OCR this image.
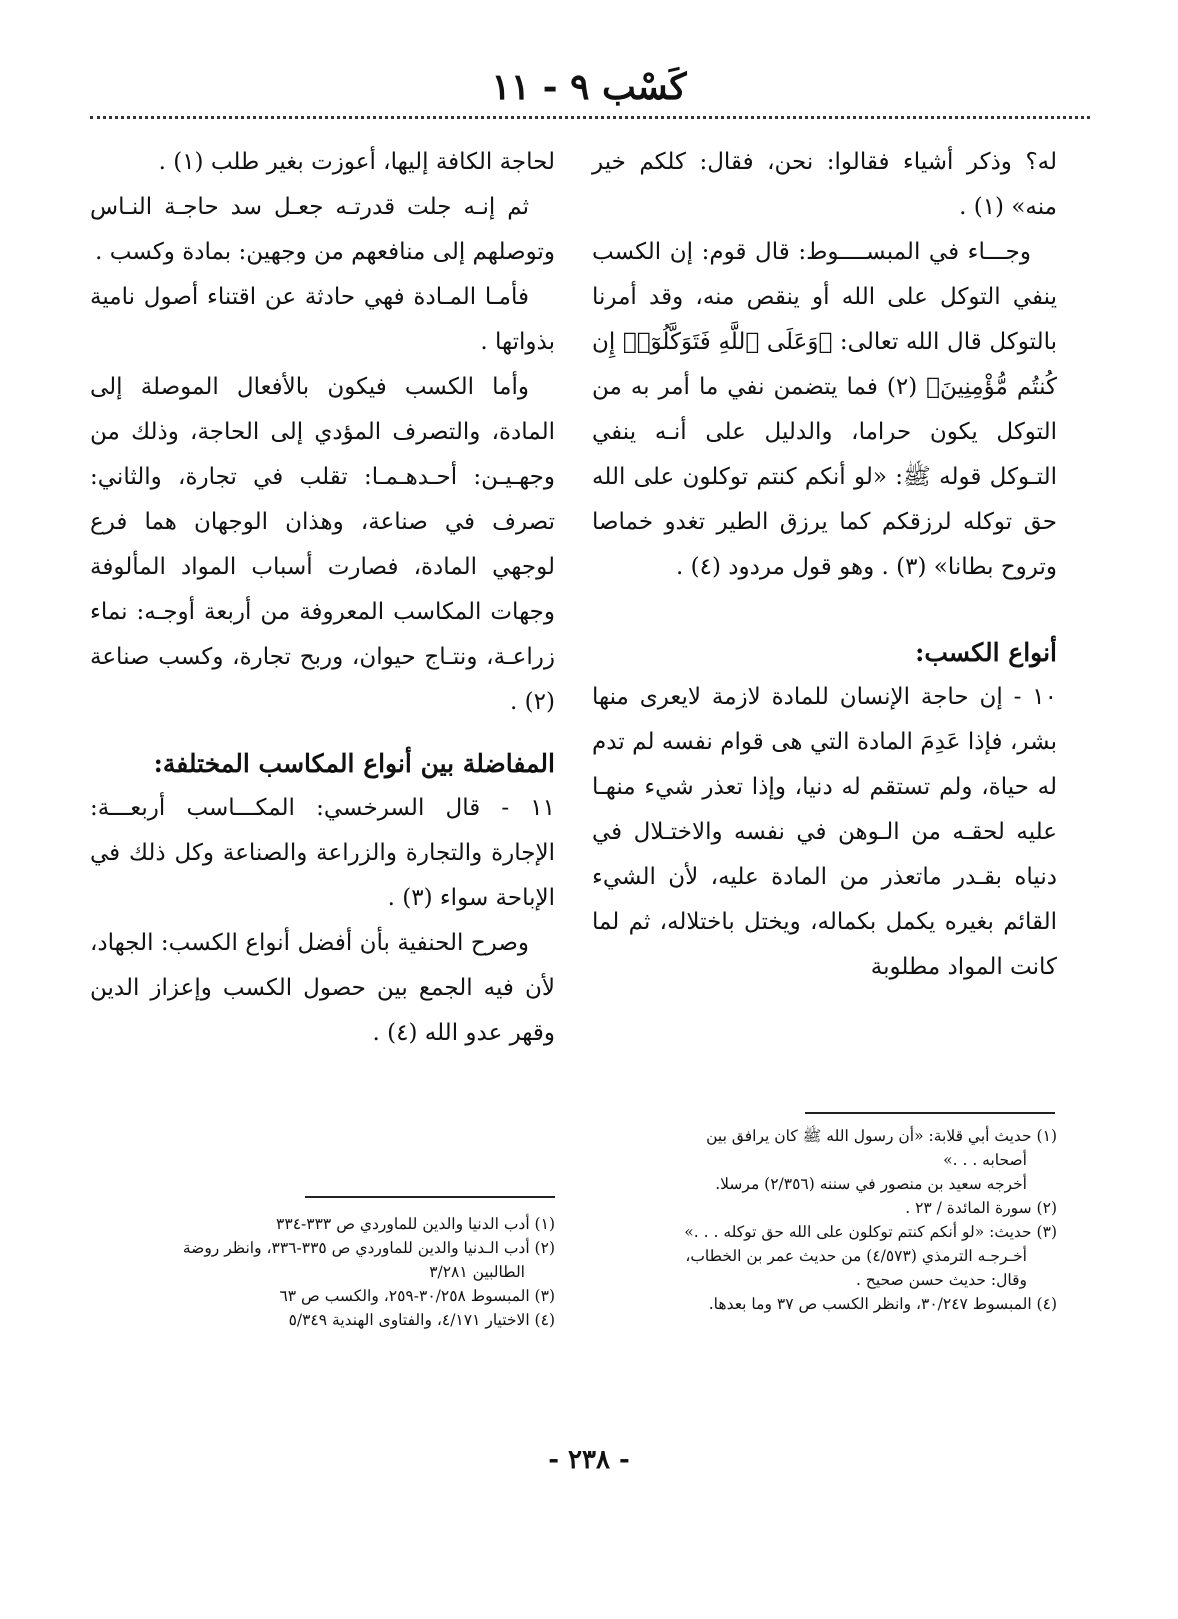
كَسْب ٩ - ١١

له؟ وذكر أشياء فقالوا: نحن، فقال: كلكم خير منه» (١) .

وجـــاء في المبســــوط: قال قوم: إن الكسب ينفي التوكل على الله أو ينقص منه، وقد أمرنا بالتوكل قال الله تعالى: ﴿وَعَلَى ٱللَّهِ فَتَوَكَّلُوٓا۟ إِن كُنتُم مُّؤْمِنِينَ﴾ (٢) فما يتضمن نفي ما أمر به من التوكل يكون حراما، والدليل على أنـه ينفي التـوكل قوله ﷺ: «لو أنكم كنتم توكلون على الله حق توكله لرزقكم كما يرزق الطير تغدو خماصا وتروح بطانا» (٣) . وهو قول مردود (٤) .

أنواع الكسب:

١٠ - إن حاجة الإنسان للمادة لازمة لايعرى منها بشر، فإذا عَدِمَ المادة التي هى قوام نفسه لم تدم له حياة، ولم تستقم له دنيا، وإذا تعذر شيء منهـا عليه لحقـه من الـوهن في نفسه والاختـلال في دنياه بقـدر ماتعذر من المادة عليه، لأن الشيء القائم بغيره يكمل بكماله، ويختل باختلاله، ثم لما كانت المواد مطلوبة

(١) حديث أبي قلابة: «أن رسول الله ﷺ كان يرافق بين
أصحابه . . .»
أخرجه سعيد بن منصور في سننه (٢/٣٥٦) مرسلا.
(٢) سورة المائدة / ٢٣ .
(٣) حديث: «لو أنكم كنتم توكلون على الله حق توكله . . .»
أخـرجـه الترمذي (٤/٥٧٣) من حديث عمر بن الخطاب،
وقال: حديث حسن صحيح .
(٤) المبسوط ٣٠/٢٤٧، وانظر الكسب ص ٣٧ وما بعدها.

لحاجة الكافة إليها، أعوزت بغير طلب (١) .

ثم إنـه جلت قدرتـه جعـل سد حاجـة النـاس وتوصلهم إلى منافعهم من وجهين: بمادة وكسب .

فأمـا المـادة فهي حادثة عن اقتناء أصول نامية بذواتها .

وأما الكسب فيكون بالأفعال الموصلة إلى المادة، والتصرف المؤدي إلى الحاجة، وذلك من وجهـيـن: أحـدهـمـا: تقلب في تجارة، والثاني: تصرف في صناعة، وهذان الوجهان هما فرع لوجهي المادة، فصارت أسباب المواد المألوفة وجهات المكاسب المعروفة من أربعة أوجـه: نماء زراعـة، ونتـاج حيوان، وربح تجارة، وكسب صناعة (٢) .

المفاضلة بين أنواع المكاسب المختلفة:

١١ - قال السرخسي: المكـــاسب أربعـــة: الإجارة والتجارة والزراعة والصناعة وكل ذلك في الإباحة سواء (٣) .

وصرح الحنفية بأن أفضل أنواع الكسب: الجهاد، لأن فيه الجمع بين حصول الكسب وإعزاز الدين وقهر عدو الله (٤) .

(١) أدب الدنيا والدين للماوردي ص ٣٣٣-٣٣٤
(٢) أدب الـدنيا والدين للماوردي ص ٣٣٥-٣٣٦، وانظر روضة
الطالبين ٣/٢٨١
(٣) المبسوط ٣٠/٢٥٨-٢٥٩، والكسب ص ٦٣
(٤) الاختيار ٤/١٧١، والفتاوى الهندية ٥/٣٤٩
- ٢٣٨ -
